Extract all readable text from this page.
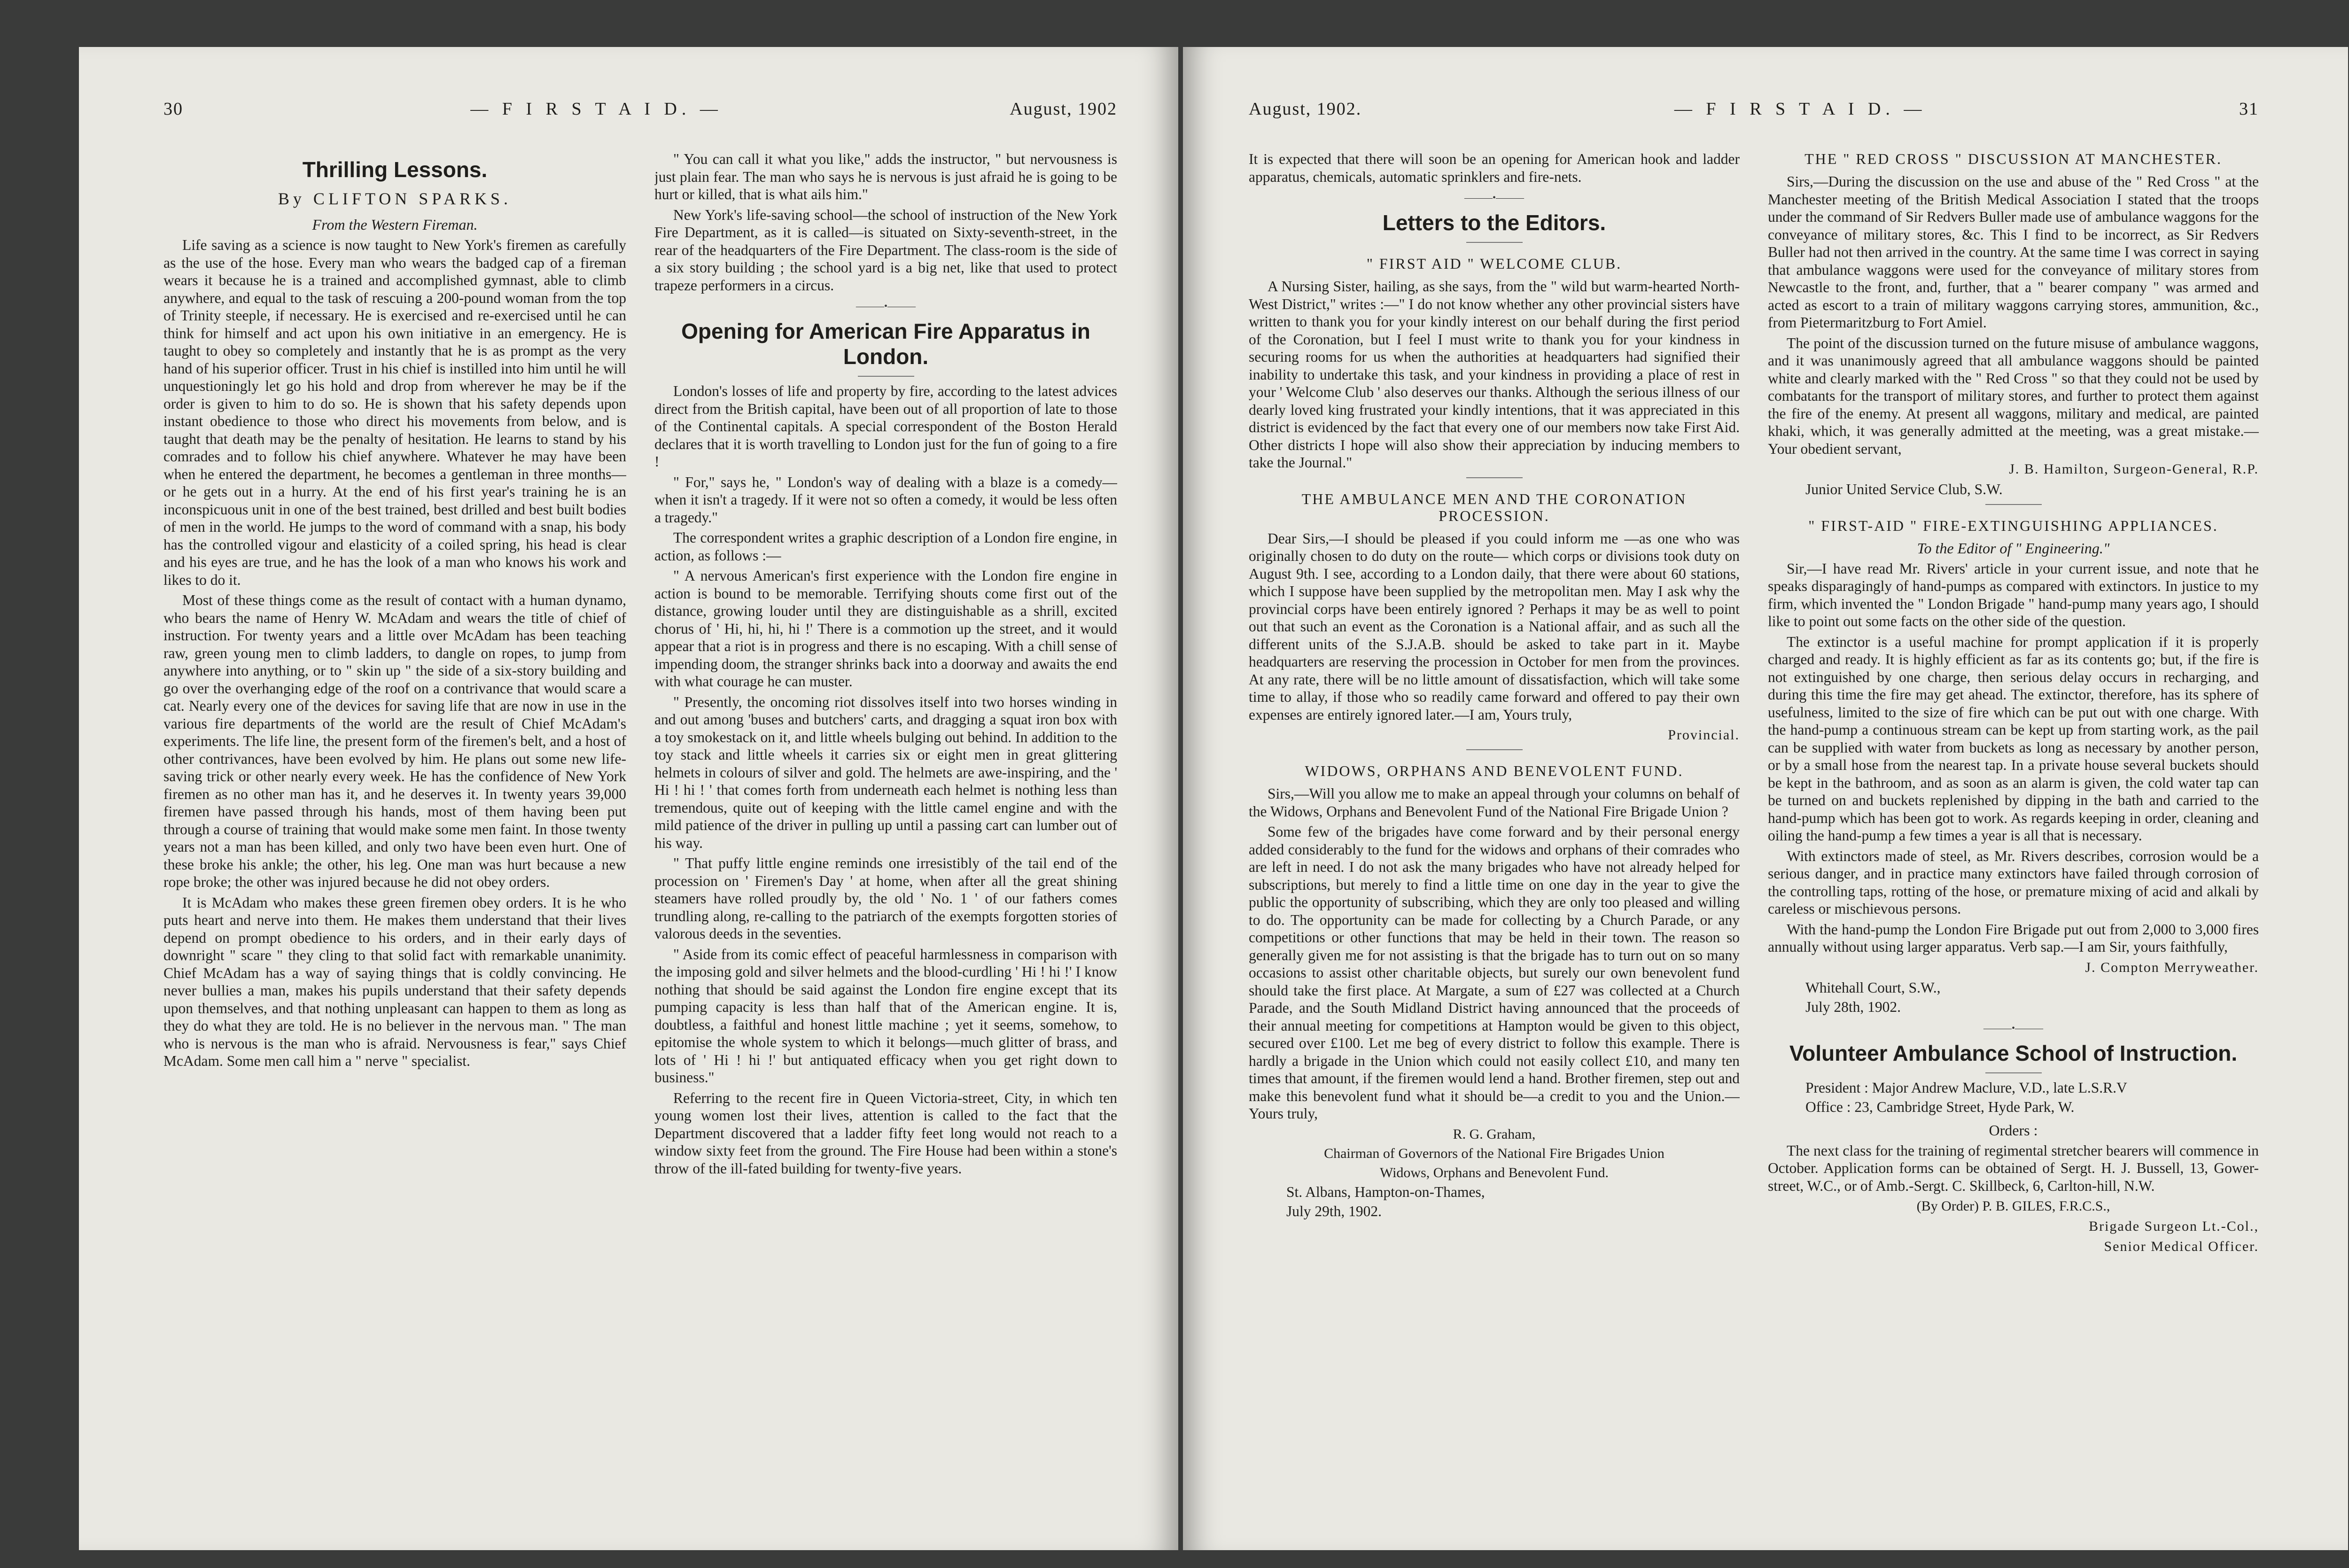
30	— F I R S T A I D. —	August, 1902
Thrilling Lessons.
By CLIFTON SPARKS.
From the Western Fireman.

Life saving as a science is now taught to New York's firemen as carefully as the use of the hose. Every man who wears the badged cap of a fireman wears it because he is a trained and accomplished gymnast, able to climb anywhere, and equal to the task of rescuing a 200-pound woman from the top of Trinity steeple, if necessary. He is exercised and re-exercised until he can think for himself and act upon his own initiative in an emergency. He is taught to obey so completely and instantly that he is as prompt as the very hand of his superior officer. Trust in his chief is instilled into him until he will unquestioningly let go his hold and drop from wherever he may be if the order is given to him to do so. He is shown that his safety depends upon instant obedience to those who direct his movements from below, and is taught that death may be the penalty of hesitation. He learns to stand by his comrades and to follow his chief anywhere. Whatever he may have been when he entered the department, he becomes a gentleman in three months—or he gets out in a hurry. At the end of his first year's training he is an inconspicuous unit in one of the best trained, best drilled and best built bodies of men in the world. He jumps to the word of command with a snap, his body has the controlled vigour and elasticity of a coiled spring, his head is clear and his eyes are true, and he has the look of a man who knows his work and likes to do it.

Most of these things come as the result of contact with a human dynamo, who bears the name of Henry W. McAdam and wears the title of chief of instruction. For twenty years and a little over McAdam has been teaching raw, green young men to climb ladders, to dangle on ropes, to jump from anywhere into anything, or to " skin up " the side of a six-story building and go over the overhanging edge of the roof on a contrivance that would scare a cat. Nearly every one of the devices for saving life that are now in use in the various fire departments of the world are the result of Chief McAdam's experiments. The life line, the present form of the firemen's belt, and a host of other contrivances, have been evolved by him. He plans out some new life-saving trick or other nearly every week. He has the confidence of New York firemen as no other man has it, and he deserves it. In twenty years 39,000 firemen have passed through his hands, most of them having been put through a course of training that would make some men faint. In those twenty years not a man has been killed, and only two have been even hurt. One of these broke his ankle; the other, his leg. One man was hurt because a new rope broke; the other was injured because he did not obey orders.

It is McAdam who makes these green firemen obey orders. It is he who puts heart and nerve into them. He makes them understand that their lives depend on prompt obedience to his orders, and in their early days of downright " scare " they cling to that solid fact with remarkable unanimity. Chief McAdam has a way of saying things that is coldly convincing. He never bullies a man, makes his pupils understand that their safety depends upon themselves, and that nothing unpleasant can happen to them as long as they do what they are told. He is no believer in the nervous man. " The man who is nervous is the man who is afraid. Nervousness is fear," says Chief McAdam. Some men call him a " nerve " specialist.

" You can call it what you like," adds the instructor, " but nervousness is just plain fear. The man who says he is nervous is just afraid he is going to be hurt or killed, that is what ails him."

New York's life-saving school—the school of instruction of the New York Fire Department, as it is called—is situated on Sixty-seventh-street, in the rear of the headquarters of the Fire Department. The class-room is the side of a six story building ; the school yard is a big net, like that used to protect trapeze performers in a circus.

———•———
Opening for American Fire Apparatus in London.

London's losses of life and property by fire, according to the latest advices direct from the British capital, have been out of all proportion of late to those of the Continental capitals. A special correspondent of the Boston Herald declares that it is worth travelling to London just for the fun of going to a fire !

" For," says he, " London's way of dealing with a blaze is a comedy—when it isn't a tragedy. If it were not so often a comedy, it would be less often a tragedy."

The correspondent writes a graphic description of a London fire engine, in action, as follows :—

" A nervous American's first experience with the London fire engine in action is bound to be memorable. Terrifying shouts come first out of the distance, growing louder until they are distinguishable as a shrill, excited chorus of ' Hi, hi, hi, hi !' There is a commotion up the street, and it would appear that a riot is in progress and there is no escaping. With a chill sense of impending doom, the stranger shrinks back into a doorway and awaits the end with what courage he can muster.

" Presently, the oncoming riot dissolves itself into two horses winding in and out among 'buses and butchers' carts, and dragging a squat iron box with a toy smokestack on it, and little wheels bulging out behind. In addition to the toy stack and little wheels it carries six or eight men in great glittering helmets in colours of silver and gold. The helmets are awe-inspiring, and the ' Hi ! hi ! ' that comes forth from underneath each helmet is nothing less than tremendous, quite out of keeping with the little camel engine and with the mild patience of the driver in pulling up until a passing cart can lumber out of his way.

" That puffy little engine reminds one irresistibly of the tail end of the procession on ' Firemen's Day ' at home, when after all the great shining steamers have rolled proudly by, the old ' No. 1 ' of our fathers comes trundling along, re-calling to the patriarch of the exempts forgotten stories of valorous deeds in the seventies.

" Aside from its comic effect of peaceful harmlessness in comparison with the imposing gold and silver helmets and the blood-curdling ' Hi ! hi !' I know nothing that should be said against the London fire engine except that its pumping capacity is less than half that of the American engine. It is, doubtless, a faithful and honest little machine ; yet it seems, somehow, to epitomise the whole system to which it belongs—much glitter of brass, and lots of ' Hi ! hi !' but antiquated efficacy when you get right down to business."

Referring to the recent fire in Queen Victoria-street, City, in which ten young women lost their lives, attention is called to the fact that the Department discovered that a ladder fifty feet long would not reach to a window sixty feet from the ground. The Fire House had been within a stone's throw of the ill-fated building for twenty-five years.

August, 1902.	— F I R S T A I D. —	31

It is expected that there will soon be an opening for American hook and ladder apparatus, chemicals, automatic sprinklers and fire-nets.

———•———
Letters to the Editors.
" FIRST AID " WELCOME CLUB.

A Nursing Sister, hailing, as she says, from the " wild but warm-hearted North-West District," writes :—" I do not know whether any other provincial sisters have written to thank you for your kindly interest on our behalf during the first period of the Coronation, but I feel I must write to thank you for your kindness in securing rooms for us when the authorities at headquarters had signified their inability to undertake this task, and your kindness in providing a place of rest in your ' Welcome Club ' also deserves our thanks. Although the serious illness of our dearly loved king frustrated your kindly intentions, that it was appreciated in this district is evidenced by the fact that every one of our members now take First Aid. Other districts I hope will also show their appreciation by inducing members to take the Journal."

THE AMBULANCE MEN AND THE CORONATION PROCESSION.

Dear Sirs,—I should be pleased if you could inform me —as one who was originally chosen to do duty on the route— which corps or divisions took duty on August 9th. I see, according to a London daily, that there were about 60 stations, which I suppose have been supplied by the metropolitan men. May I ask why the provincial corps have been entirely ignored ? Perhaps it may be as well to point out that such an event as the Coronation is a National affair, and as such all the different units of the S.J.A.B. should be asked to take part in it. Maybe headquarters are reserving the procession in October for men from the provinces. At any rate, there will be no little amount of dissatisfaction, which will take some time to allay, if those who so readily came forward and offered to pay their own expenses are entirely ignored later.—I am, Yours truly,

Provincial.
WIDOWS, ORPHANS AND BENEVOLENT FUND.

Sirs,—Will you allow me to make an appeal through your columns on behalf of the Widows, Orphans and Benevolent Fund of the National Fire Brigade Union ?

Some few of the brigades have come forward and by their personal energy added considerably to the fund for the widows and orphans of their comrades who are left in need. I do not ask the many brigades who have not already helped for subscriptions, but merely to find a little time on one day in the year to give the public the opportunity of subscribing, which they are only too pleased and willing to do. The opportunity can be made for collecting by a Church Parade, or any competitions or other functions that may be held in their town. The reason so generally given me for not assisting is that the brigade has to turn out on so many occasions to assist other charitable objects, but surely our own benevolent fund should take the first place. At Margate, a sum of £27 was collected at a Church Parade, and the South Midland District having announced that the proceeds of their annual meeting for competitions at Hampton would be given to this object, secured over £100. Let me beg of every district to follow this example. There is hardly a brigade in the Union which could not easily collect £10, and many ten times that amount, if the firemen would lend a hand. Brother firemen, step out and make this benevolent fund what it should be—a credit to you and the Union.—Yours truly,

R. G. Graham,
Chairman of Governors of the National Fire Brigades Union
Widows, Orphans and Benevolent Fund.
St. Albans, Hampton-on-Thames,
July 29th, 1902.
THE " RED CROSS " DISCUSSION AT MANCHESTER.

Sirs,—During the discussion on the use and abuse of the " Red Cross " at the Manchester meeting of the British Medical Association I stated that the troops under the command of Sir Redvers Buller made use of ambulance waggons for the conveyance of military stores, &c. This I find to be incorrect, as Sir Redvers Buller had not then arrived in the country. At the same time I was correct in saying that ambulance waggons were used for the conveyance of military stores from Newcastle to the front, and, further, that a " bearer company " was armed and acted as escort to a train of military waggons carrying stores, ammunition, &c., from Pietermaritzburg to Fort Amiel.

The point of the discussion turned on the future misuse of ambulance waggons, and it was unanimously agreed that all ambulance waggons should be painted white and clearly marked with the " Red Cross " so that they could not be used by combatants for the transport of military stores, and further to protect them against the fire of the enemy. At present all waggons, military and medical, are painted khaki, which, it was generally admitted at the meeting, was a great mistake.— Your obedient servant,

J. B. Hamilton, Surgeon-General, R.P.
Junior United Service Club, S.W.
" FIRST-AID " FIRE-EXTINGUISHING APPLIANCES.
To the Editor of " Engineering."

Sir,—I have read Mr. Rivers' article in your current issue, and note that he speaks disparagingly of hand-pumps as compared with extinctors. In justice to my firm, which invented the " London Brigade " hand-pump many years ago, I should like to point out some facts on the other side of the question.

The extinctor is a useful machine for prompt application if it is properly charged and ready. It is highly efficient as far as its contents go; but, if the fire is not extinguished by one charge, then serious delay occurs in recharging, and during this time the fire may get ahead. The extinctor, therefore, has its sphere of usefulness, limited to the size of fire which can be put out with one charge. With the hand-pump a continuous stream can be kept up from starting work, as the pail can be supplied with water from buckets as long as necessary by another person, or by a small hose from the nearest tap. In a private house several buckets should be kept in the bathroom, and as soon as an alarm is given, the cold water tap can be turned on and buckets replenished by dipping in the bath and carried to the hand-pump which has been got to work. As regards keeping in order, cleaning and oiling the hand-pump a few times a year is all that is necessary.

With extinctors made of steel, as Mr. Rivers describes, corrosion would be a serious danger, and in practice many extinctors have failed through corrosion of the controlling taps, rotting of the hose, or premature mixing of acid and alkali by careless or mischievous persons.

With the hand-pump the London Fire Brigade put out from 2,000 to 3,000 fires annually without using larger apparatus. Verb sap.—I am Sir, yours faithfully,

J. Compton Merryweather.
Whitehall Court, S.W.,
July 28th, 1902.
———•———
Volunteer Ambulance School of Instruction.
President : Major Andrew Maclure, V.D., late L.S.R.V
Office : 23, Cambridge Street, Hyde Park, W.
Orders :

The next class for the training of regimental stretcher bearers will commence in October. Application forms can be obtained of Sergt. H. J. Bussell, 13, Gower-street, W.C., or of Amb.-Sergt. C. Skillbeck, 6, Carlton-hill, N.W.

(By Order) P. B. GILES, F.R.C.S.,
Brigade Surgeon Lt.-Col.,
Senior Medical Officer.
